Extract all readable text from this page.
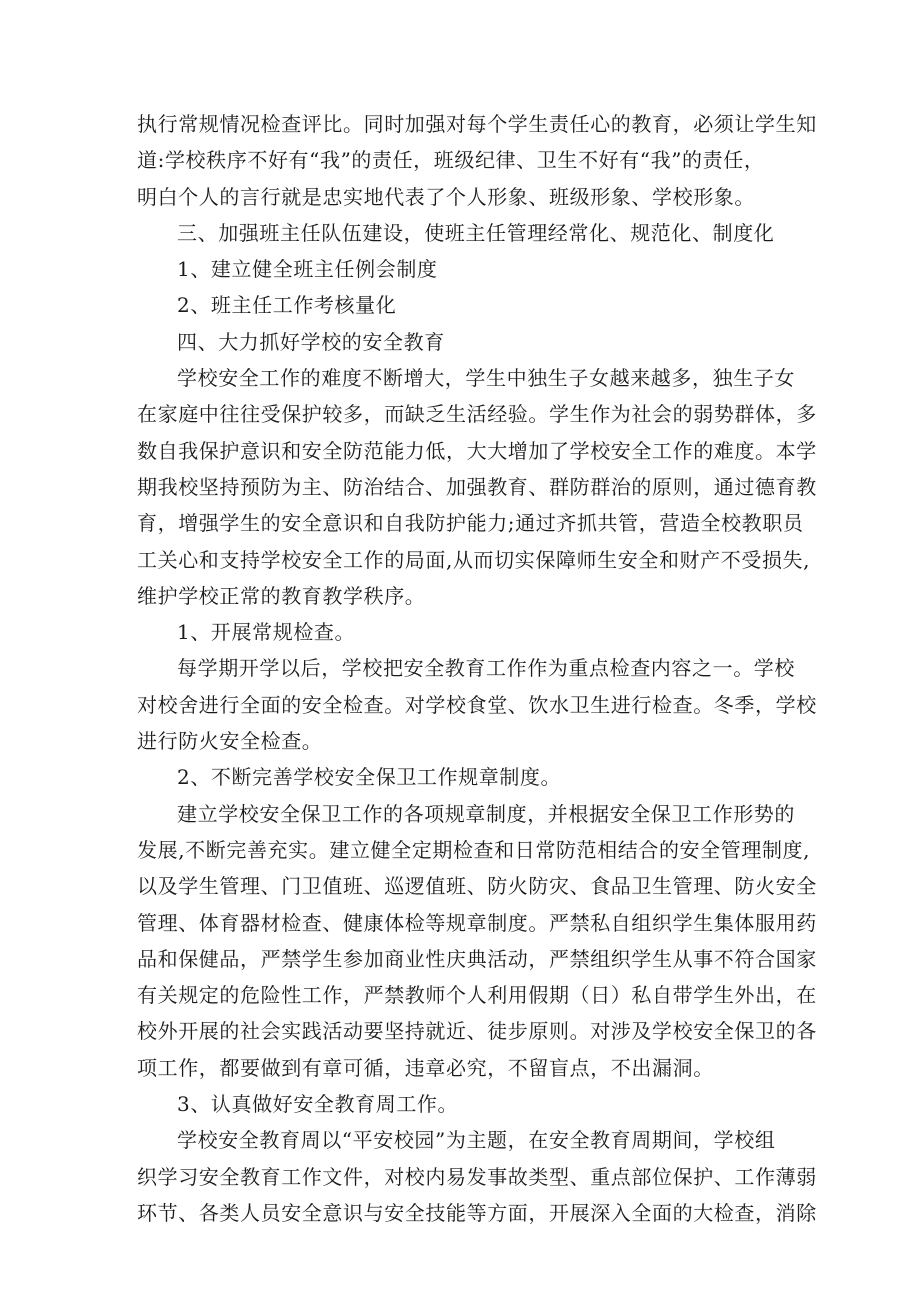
执行常规情况检查评比。同时加强对每个学生责任心的教育，必须让学生知
道:学校秩序不好有“我”的责任，班级纪律、卫生不好有“我”的责任，
明白个人的言行就是忠实地代表了个人形象、班级形象、学校形象。
三、加强班主任队伍建设，使班主任管理经常化、规范化、制度化
1、建立健全班主任例会制度
2、班主任工作考核量化
四、大力抓好学校的安全教育
学校安全工作的难度不断增大，学生中独生子女越来越多，独生子女
在家庭中往往受保护较多，而缺乏生活经验。学生作为社会的弱势群体，多
数自我保护意识和安全防范能力低，大大增加了学校安全工作的难度。本学
期我校坚持预防为主、防治结合、加强教育、群防群治的原则，通过德育教
育，增强学生的安全意识和自我防护能力;通过齐抓共管，营造全校教职员
工关心和支持学校安全工作的局面,从而切实保障师生安全和财产不受损失,
维护学校正常的教育教学秩序。
1、开展常规检查。
每学期开学以后，学校把安全教育工作作为重点检查内容之一。学校
对校舍进行全面的安全检查。对学校食堂、饮水卫生进行检查。冬季，学校
进行防火安全检查。
2、不断完善学校安全保卫工作规章制度。
建立学校安全保卫工作的各项规章制度，并根据安全保卫工作形势的
发展,不断完善充实。建立健全定期检查和日常防范相结合的安全管理制度,
以及学生管理、门卫值班、巡逻值班、防火防灾、食品卫生管理、防火安全
管理、体育器材检查、健康体检等规章制度。严禁私自组织学生集体服用药
品和保健品，严禁学生参加商业性庆典活动，严禁组织学生从事不符合国家
有关规定的危险性工作，严禁教师个人利用假期（日）私自带学生外出，在
校外开展的社会实践活动要坚持就近、徒步原则。对涉及学校安全保卫的各
项工作，都要做到有章可循，违章必究，不留盲点，不出漏洞。
3、认真做好安全教育周工作。
学校安全教育周以“平安校园”为主题，在安全教育周期间，学校组
织学习安全教育工作文件，对校内易发事故类型、重点部位保护、工作薄弱
环节、各类人员安全意识与安全技能等方面，开展深入全面的大检查，消除
